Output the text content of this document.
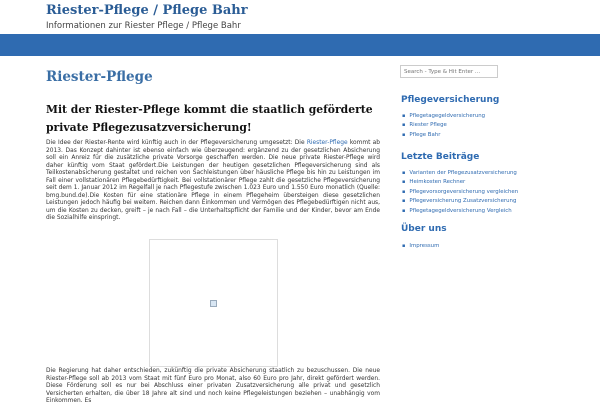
Riester-Pflege / Pflege Bahr
Informationen zur Riester Pflege / Pflege Bahr
Riester-Pflege
Mit der Riester-Pflege kommt die staatlich geförderte private Pflegezusatzversicherung!

Die Idee der Riester-Rente wird künftig auch in der Pflegeversicherung umgesetzt: Die Riester-Pflege kommt ab 2013. Das Konzept dahinter ist ebenso einfach wie überzeugend: ergänzend zu der gesetzlichen Absicherung soll ein Anreiz für die zusätzliche private Vorsorge geschaffen werden. Die neue private Riester-Pflege wird daher künftig vom Staat gefördert.Die Leistungen der heutigen gesetzlichen Pflegeversicherung sind als Teilkostenabsicherung gestaltet und reichen von Sachleistungen über häusliche Pflege bis hin zu Leistungen im Fall einer vollstationären Pflegebedürftigkeit. Bei vollstationärer Pflege zahlt die gesetzliche Pflegeversicherung seit dem 1. Januar 2012 im Regelfall je nach Pflegestufe zwischen 1.023 Euro und 1.550 Euro monatlich (Quelle: bmg.bund.de).Die Kosten für eine stationäre Pflege in einem Pflegeheim übersteigen diese gesetzlichen Leistungen jedoch häufig bei weitem. Reichen dann Einkommen und Vermögen des Pflegebedürftigen nicht aus, um die Kosten zu decken, greift – je nach Fall – die Unterhaltspflicht der Familie und der Kinder, bevor am Ende die Sozialhilfe einspringt.

Die Regierung hat daher entschieden, zukünftig die private Absicherung staatlich zu bezuschussen. Die neue Riester-Pflege soll ab 2013 vom Staat mit fünf Euro pro Monat, also 60 Euro pro Jahr, direkt gefördert werden. Diese Förderung soll es nur bei Abschluss einer privaten Zusatzversicherung alle privat und gesetzlich Versicherten erhalten, die über 18 Jahre alt sind und noch keine Pflegeleistungen beziehen – unabhängig vom Einkommen. Es

Search - Type & Hit Enter ...
Pflegeversicherung
▪ Pflegetagegeldversicherung
▪ Riester Pflege
▪ Pflege Bahr
Letzte Beiträge
▪ Varianten der Pflegezusatzversicherung
▪ Heimkosten Rechner
▪ Pflegevorsorgeversicherung vergleichen
▪ Pflegeversicherung Zusatzversicherung
▪ Pflegetagegeldversicherung Vergleich
Über uns
▪ Impressum
